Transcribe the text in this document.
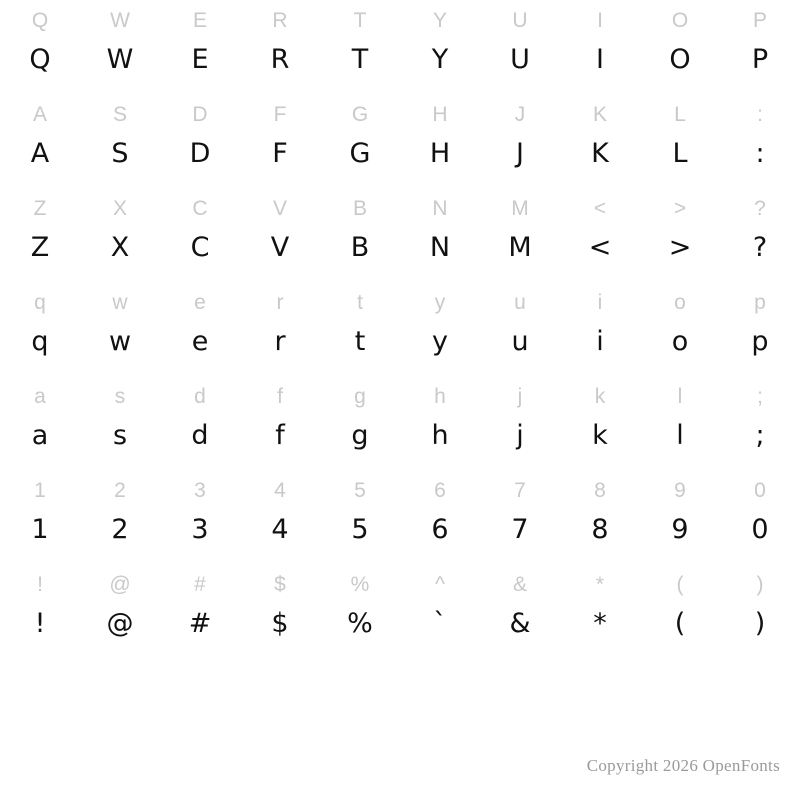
Q	W	E	R	T	Y	U	I	O	P
Q	W	E	R	T	Y	U	I	O	P
A	S	D	F	G	H	J	K	L	:
A	S	D	F	G	H	J	K	L	:
Z	X	C	V	B	N	M	<	>	?
Z	X	C	V	B	N	M	<	>	?
q	w	e	r	t	y	u	i	o	p
q	w	e	r	t	y	u	i	o	p
a	s	d	f	g	h	j	k	l	;
a	s	d	f	g	h	j	k	l	;
1	2	3	4	5	6	7	8	9	0
1	2	3	4	5	6	7	8	9	0
!	@	#	$	%	^	&	*	(	)
!	@	#	$	%	ˋ	&	*	(	)
Copyright 2026 OpenFonts
